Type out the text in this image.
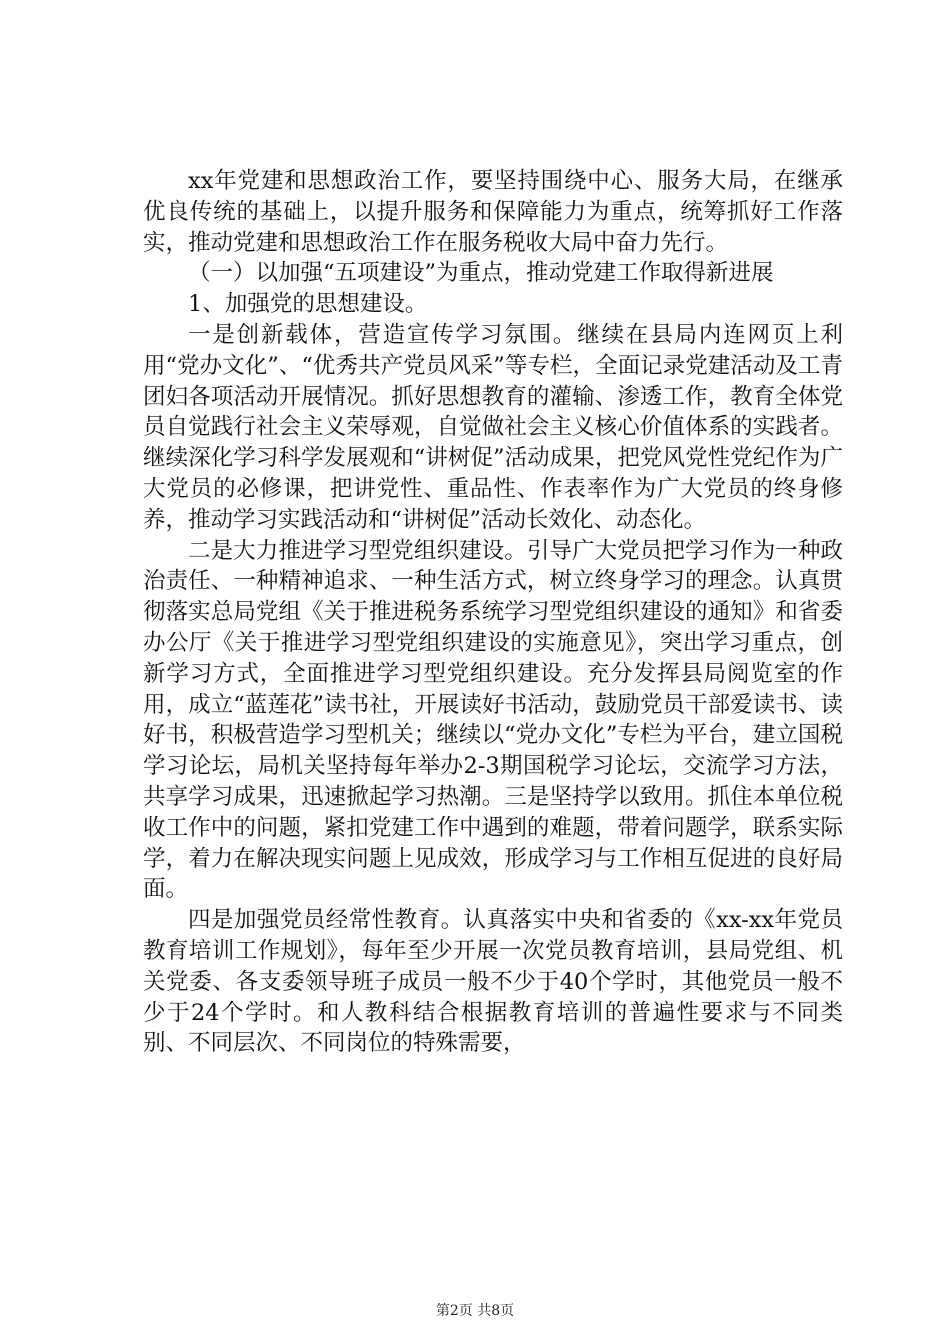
xx年党建和思想政治工作，要坚持围绕中心、服务大局，在继承优良传统的基础上，以提升服务和保障能力为重点，统筹抓好工作落实，推动党建和思想政治工作在服务税收大局中奋力先行。

（一）以加强“五项建设”为重点，推动党建工作取得新进展

1、加强党的思想建设。

一是创新载体，营造宣传学习氛围。继续在县局内连网页上利用“党办文化”、“优秀共产党员风采”等专栏，全面记录党建活动及工青团妇各项活动开展情况。抓好思想教育的灌输、渗透工作，教育全体党员自觉践行社会主义荣辱观，自觉做社会主义核心价值体系的实践者。继续深化学习科学发展观和“讲树促”活动成果，把党风党性党纪作为广大党员的必修课，把讲党性、重品性、作表率作为广大党员的终身修养，推动学习实践活动和“讲树促”活动长效化、动态化。

二是大力推进学习型党组织建设。引导广大党员把学习作为一种政治责任、一种精神追求、一种生活方式，树立终身学习的理念。认真贯彻落实总局党组《关于推进税务系统学习型党组织建设的通知》和省委办公厅《关于推进学习型党组织建设的实施意见》，突出学习重点，创新学习方式，全面推进学习型党组织建设。充分发挥县局阅览室的作用，成立“蓝莲花”读书社，开展读好书活动，鼓励党员干部爱读书、读好书，积极营造学习型机关；继续以“党办文化”专栏为平台，建立国税学习论坛，局机关坚持每年举办2-3期国税学习论坛，交流学习方法，共享学习成果，迅速掀起学习热潮。三是坚持学以致用。抓住本单位税收工作中的问题，紧扣党建工作中遇到的难题，带着问题学，联系实际学，着力在解决现实问题上见成效，形成学习与工作相互促进的良好局面。

四是加强党员经常性教育。认真落实中央和省委的《xx-xx年党员教育培训工作规划》，每年至少开展一次党员教育培训，县局党组、机关党委、各支委领导班子成员一般不少于40个学时，其他党员一般不少于24个学时。和人教科结合根据教育培训的普遍性要求与不同类别、不同层次、不同岗位的特殊需要，

第2页 共8页
